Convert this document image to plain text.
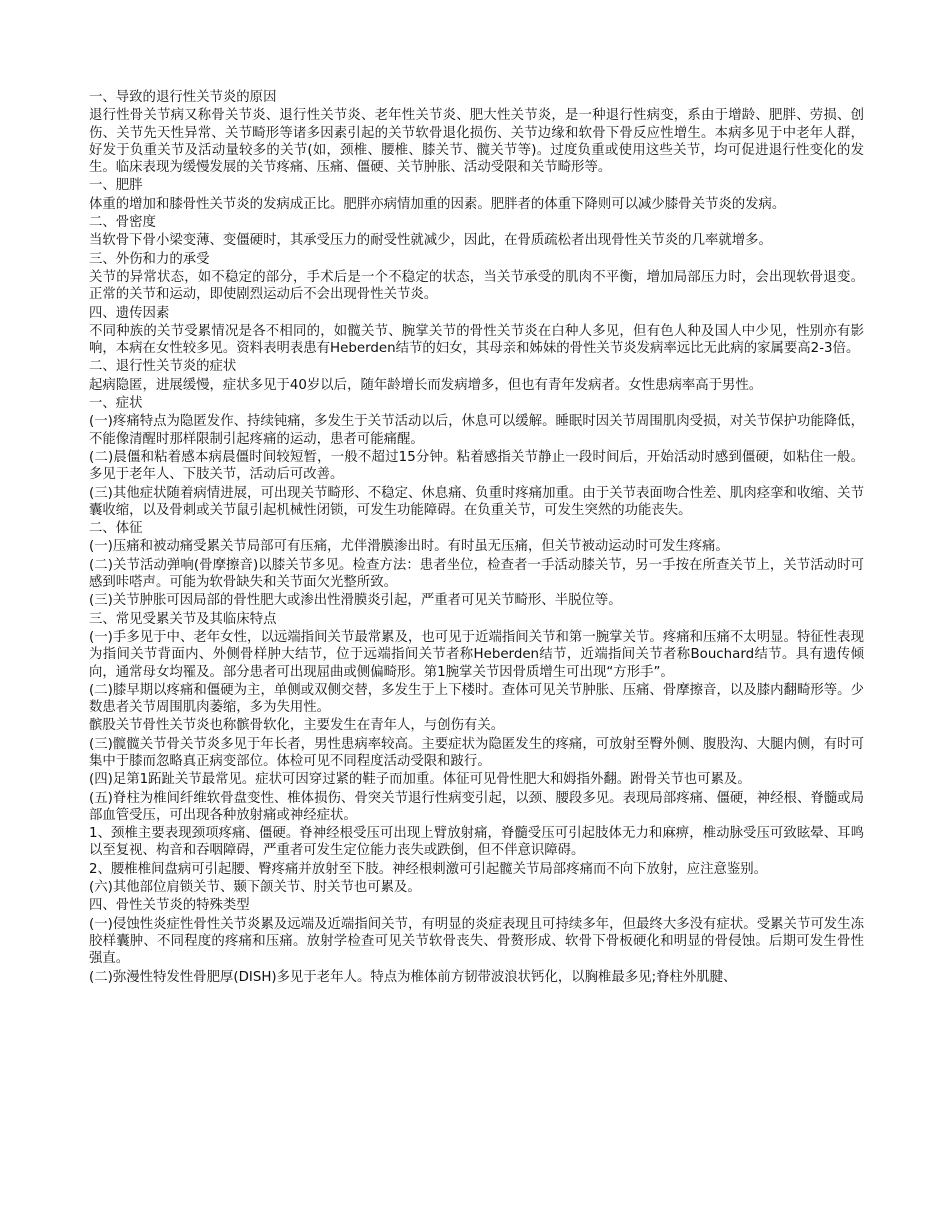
一、导致的退行性关节炎的原因

退行性骨关节病又称骨关节炎、退行性关节炎、老年性关节炎、肥大性关节炎，是一种退行性病变，系由于增龄、肥胖、劳损、创伤、关节先天性异常、关节畸形等诸多因素引起的关节软骨退化损伤、关节边缘和软骨下骨反应性增生。本病多见于中老年人群，好发于负重关节及活动量较多的关节(如，颈椎、腰椎、膝关节、髋关节等)。过度负重或使用这些关节，均可促进退行性变化的发生。临床表现为缓慢发展的关节疼痛、压痛、僵硬、关节肿胀、活动受限和关节畸形等。

一、肥胖

体重的增加和膝骨性关节炎的发病成正比。肥胖亦病情加重的因素。肥胖者的体重下降则可以减少膝骨关节炎的发病。

二、骨密度

当软骨下骨小梁变薄、变僵硬时，其承受压力的耐受性就减少，因此，在骨质疏松者出现骨性关节炎的几率就增多。

三、外伤和力的承受

关节的异常状态，如不稳定的部分，手术后是一个不稳定的状态，当关节承受的肌肉不平衡，增加局部压力时，会出现软骨退变。正常的关节和运动，即使剧烈运动后不会出现骨性关节炎。

四、遗传因素

不同种族的关节受累情况是各不相同的，如髋关节、腕掌关节的骨性关节炎在白种人多见，但有色人种及国人中少见，性别亦有影响，本病在女性较多见。资料表明表患有Heberden结节的妇女，其母亲和姊妹的骨性关节炎发病率远比无此病的家属要高2-3倍。

二、退行性关节炎的症状

起病隐匿，进展缓慢，症状多见于40岁以后，随年龄增长而发病增多，但也有青年发病者。女性患病率高于男性。

一、症状

(一)疼痛特点为隐匿发作、持续钝痛，多发生于关节活动以后，休息可以缓解。睡眠时因关节周围肌肉受损，对关节保护功能降低，不能像清醒时那样限制引起疼痛的运动，患者可能痛醒。

(二)晨僵和粘着感本病晨僵时间较短暂，一般不超过15分钟。粘着感指关节静止一段时间后，开始活动时感到僵硬，如粘住一般。多见于老年人、下肢关节，活动后可改善。

(三)其他症状随着病情进展，可出现关节畸形、不稳定、休息痛、负重时疼痛加重。由于关节表面吻合性差、肌肉痉挛和收缩、关节囊收缩，以及骨刺或关节鼠引起机械性闭锁，可发生功能障碍。在负重关节，可发生突然的功能丧失。

二、体征

(一)压痛和被动痛受累关节局部可有压痛，尤伴滑膜渗出时。有时虽无压痛，但关节被动运动时可发生疼痛。

(二)关节活动弹响(骨摩擦音)以膝关节多见。检查方法：患者坐位，检查者一手活动膝关节，另一手按在所查关节上，关节活动时可感到咔嗒声。可能为软骨缺失和关节面欠光整所致。

(三)关节肿胀可因局部的骨性肥大或渗出性滑膜炎引起，严重者可见关节畸形、半脱位等。

三、常见受累关节及其临床特点

(一)手多见于中、老年女性，以远端指间关节最常累及，也可见于近端指间关节和第一腕掌关节。疼痛和压痛不太明显。特征性表现为指间关节背面内、外侧骨样肿大结节，位于远端指间关节者称Heberden结节，近端指间关节者称Bouchard结节。具有遗传倾向，通常母女均罹及。部分患者可出现屈曲或侧偏畸形。第1腕掌关节因骨质增生可出现“方形手”。

(二)膝早期以疼痛和僵硬为主，单侧或双侧交替，多发生于上下楼时。查体可见关节肿胀、压痛、骨摩擦音，以及膝内翻畸形等。少数患者关节周围肌肉萎缩，多为失用性。

髌股关节骨性关节炎也称髌骨软化，主要发生在青年人，与创伤有关。

(三)髋髋关节骨关节炎多见于年长者，男性患病率较高。主要症状为隐匿发生的疼痛，可放射至臀外侧、腹股沟、大腿内侧，有时可集中于膝而忽略真正病变部位。体检可见不同程度活动受限和跛行。

(四)足第1跖趾关节最常见。症状可因穿过紧的鞋子而加重。体征可见骨性肥大和姆指外翻。跗骨关节也可累及。

(五)脊柱为椎间纤维软骨盘变性、椎体损伤、骨突关节退行性病变引起，以颈、腰段多见。表现局部疼痛、僵硬，神经根、脊髓或局部血管受压，可出现各种放射痛或神经症状。

1、颈椎主要表现颈项疼痛、僵硬。脊神经根受压可出现上臂放射痛，脊髓受压可引起肢体无力和麻痹，椎动脉受压可致眩晕、耳鸣以至复视、构音和吞咽障碍，严重者可发生定位能力丧失或跌倒，但不伴意识障碍。

2、腰椎椎间盘病可引起腰、臀疼痛并放射至下肢。神经根刺激可引起髋关节局部疼痛而不向下放射，应注意鉴别。

(六)其他部位肩锁关节、颞下颌关节、肘关节也可累及。

四、骨性关节炎的特殊类型

(一)侵蚀性炎症性骨性关节炎累及远端及近端指间关节，有明显的炎症表现且可持续多年，但最终大多没有症状。受累关节可发生冻胶样囊肿、不同程度的疼痛和压痛。放射学检查可见关节软骨丧失、骨赘形成、软骨下骨板硬化和明显的骨侵蚀。后期可发生骨性强直。

(二)弥漫性特发性骨肥厚(DISH)多见于老年人。特点为椎体前方韧带波浪状钙化，以胸椎最多见;脊柱外肌腱、
